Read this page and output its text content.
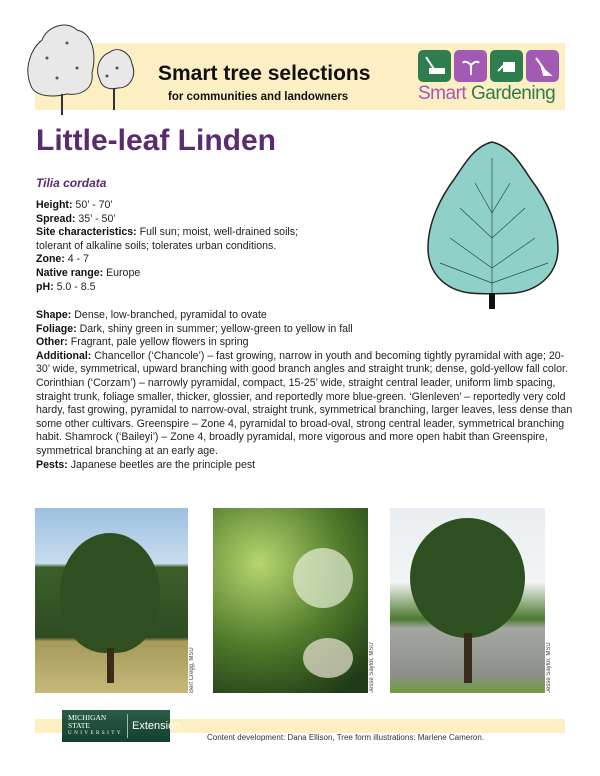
Smart tree selections
for communities and landowners	Smart Gardening
Little-leaf Linden
Tilia cordata
Height: 50’ - 70’
Spread: 35’ - 50’
Site characteristics: Full sun; moist, well-drained soils; tolerant of alkaline soils; tolerates urban conditions.
Zone: 4 - 7
Native range: Europe
pH: 5.0 - 8.5
Shape: Dense, low-branched, pyramidal to ovate
Foliage: Dark, shiny green in summer; yellow-green to yellow in fall
Other: Fragrant, pale yellow flowers in spring
Additional: Chancellor (‘Chancole’) – fast growing, narrow in youth and becoming tightly pyramidal with age; 20-30’ wide, symmetrical, upward branching with good branch angles and straight trunk; dense, gold-yellow fall color. Corinthian (‘Corzam’) – narrowly pyramidal, compact, 15-25’ wide, straight central leader, uniform limb spacing, straight trunk, foliage smaller, thicker, glossier, and reportedly more blue-green. ‘Glenleven’ – reportedly very cold hardy, fast growing, pyramidal to narrow-oval, straight trunk, symmetrical branching, larger leaves, less dense than some other cultivars. Greenspire – Zone 4, pyramidal to broad-oval, strong central leader, symmetrical branching habit. Shamrock (‘Baileyi’) – Zone 4, broadly pyramidal, more vigorous and more open habit than Greenspire, symmetrical branching at an early age.
Pests: Japanese beetles are the principle pest
Bert Cregg, MSU	Jesse Saylor, MSU	Jesse Saylor, MSU
MICHIGAN STATE
UNIVERSITY
Extension
Content development: Dana Ellison, Tree form illustrations: Marlene Cameron.
